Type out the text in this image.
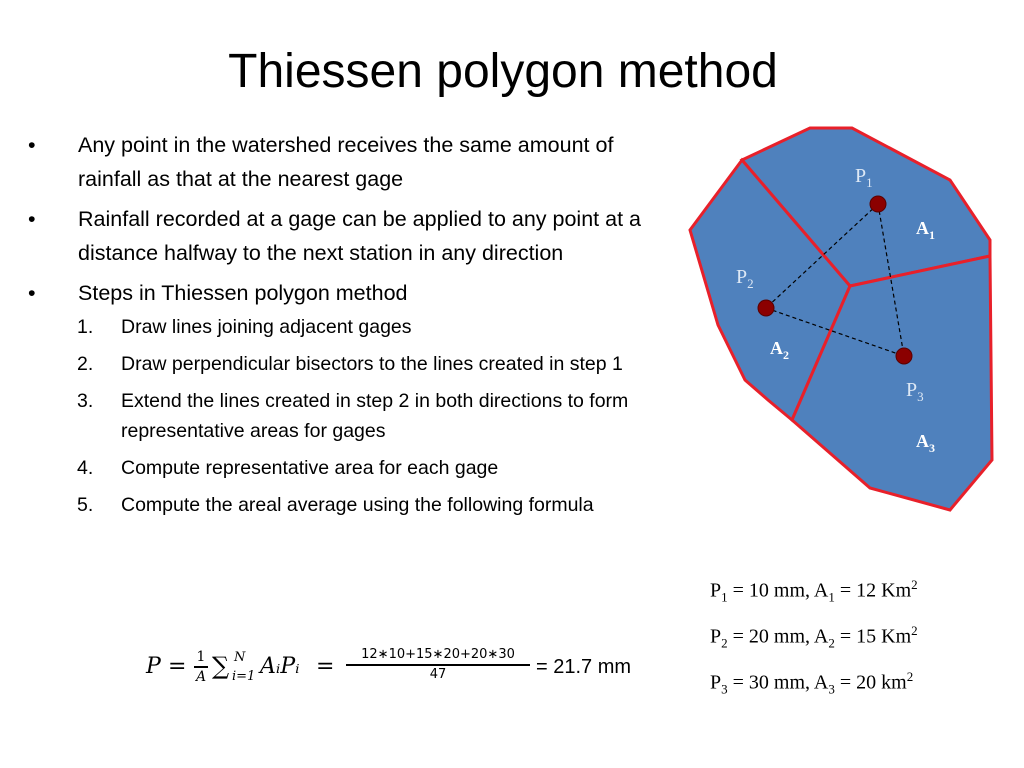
Thiessen polygon method
• Any point in the watershed receives the same amount of rainfall as that at the nearest gage
• Rainfall recorded at a gage can be applied to any point at a distance halfway to the next station in any direction
• Steps in Thiessen polygon method
1. Draw lines joining adjacent gages
2. Draw perpendicular bisectors to the lines created in step 1
3. Extend the lines created in step 2 in both directions to form representative areas for gages
4. Compute representative area for each gage
5. Compute the areal average using the following formula
P = 1
A ∑ N
i=1 AᵢPᵢ =	12∗10+15∗20+20∗30
47	= 21.7 mm
$P_1$
$P_2$
$P_3$
$A_1$
$A_2$
$A_3$
$P_1 = 10$ mm, $A_1 = 12$ Km$^2$
$P_2 = 20$ mm, $A_2 = 15$ Km$^2$
$P_3 = 30$ mm, $A_3 = 20$ $km^2$
